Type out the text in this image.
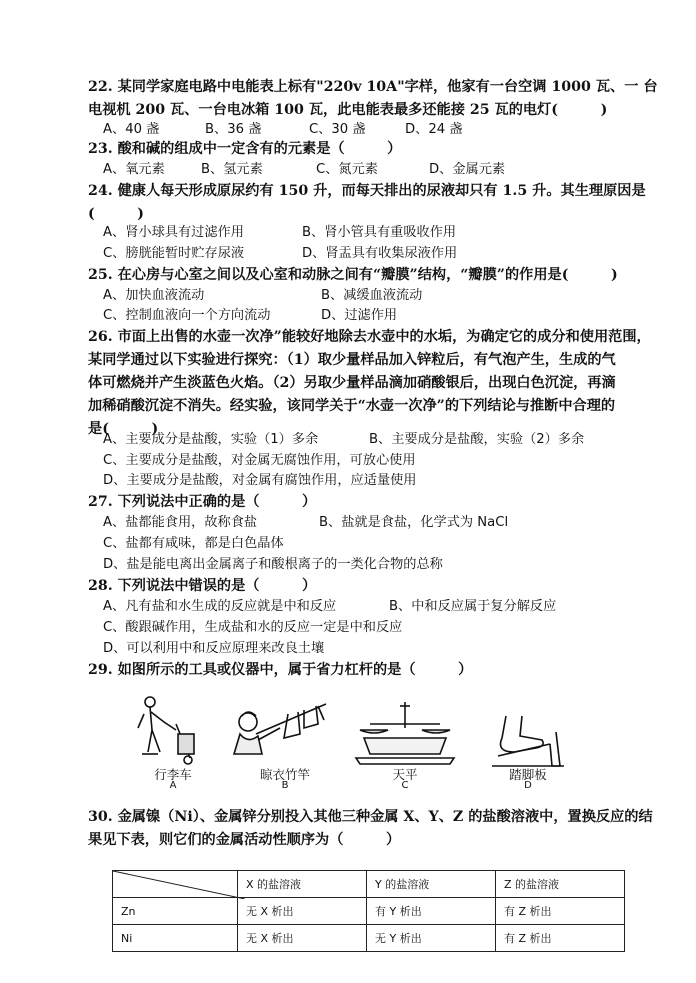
22. 某同学家庭电路中电能表上标有"220v 10A"字样，他家有一台空调 1000 瓦、一 台
电视机 200 瓦、一台电冰箱 100 瓦，此电能表最多还能接 25 瓦的电灯(　　　)
A、40 盏	B、36 盏	C、30 盏	D、24 盏
23. 酸和碱的组成中一定含有的元素是（　　　）
A、氧元素	B、氢元素	C、氮元素	D、金属元素
24. 健康人每天形成原尿约有 150 升，而每天排出的尿液却只有 1.5 升。其生理原因是
(　　　)
A、肾小球具有过滤作用	B、肾小管具有重吸收作用
C、膀胱能暂时贮存尿液	D、肾盂具有收集尿液作用
25. 在心房与心室之间以及心室和动脉之间有“瓣膜”结构，“瓣膜”的作用是(　　　)
A、加快血液流动	B、减缓血液流动
C、控制血液向一个方向流动	D、过滤作用
26. 市面上出售的水壶一次净”能较好地除去水壶中的水垢，为确定它的成分和使用范围，
某同学通过以下实验进行探究：（1）取少量样品加入锌粒后，有气泡产生，生成的气
体可燃烧并产生淡蓝色火焰。（2）另取少量样品滴加硝酸银后，出现白色沉淀，再滴
加稀硝酸沉淀不消失。经实验，该同学关于“水壶一次净”的下列结论与推断中合理的
是(　　　)
A、主要成分是盐酸，实验（1）多余	B、主要成分是盐酸，实验（2）多余
C、主要成分是盐酸，对金属无腐蚀作用，可放心使用
D、主要成分是盐酸，对金属有腐蚀作用，应适量使用
27. 下列说法中正确的是（　　　）
A、盐都能食用，故称食盐	B、盐就是食盐，化学式为 NaCl
C、盐都有咸味，都是白色晶体
D、盐是能电离出金属离子和酸根离子的一类化合物的总称
28. 下列说法中错误的是（　　　）
A、凡有盐和水生成的反应就是中和反应	B、中和反应属于复分解反应
C、酸跟碱作用，生成盐和水的反应一定是中和反应
D、可以利用中和反应原理来改良土壤
29. 如图所示的工具或仪器中，属于省力杠杆的是（　　　）
行李车
A
晾衣竹竿
B
天平
C
踏脚板
D
30. 金属镍（Ni）、金属锌分别投入其他三种金属 X、Y、Z 的盐酸溶液中，置换反应的结
果见下表，则它们的金属活动性顺序为（　　　）
	X 的盐溶液	Y 的盐溶液	Z 的盐溶液
Zn	无 X 析出	有 Y 析出	有 Z 析出
Ni	无 X 析出	无 Y 析出	有 Z 析出
